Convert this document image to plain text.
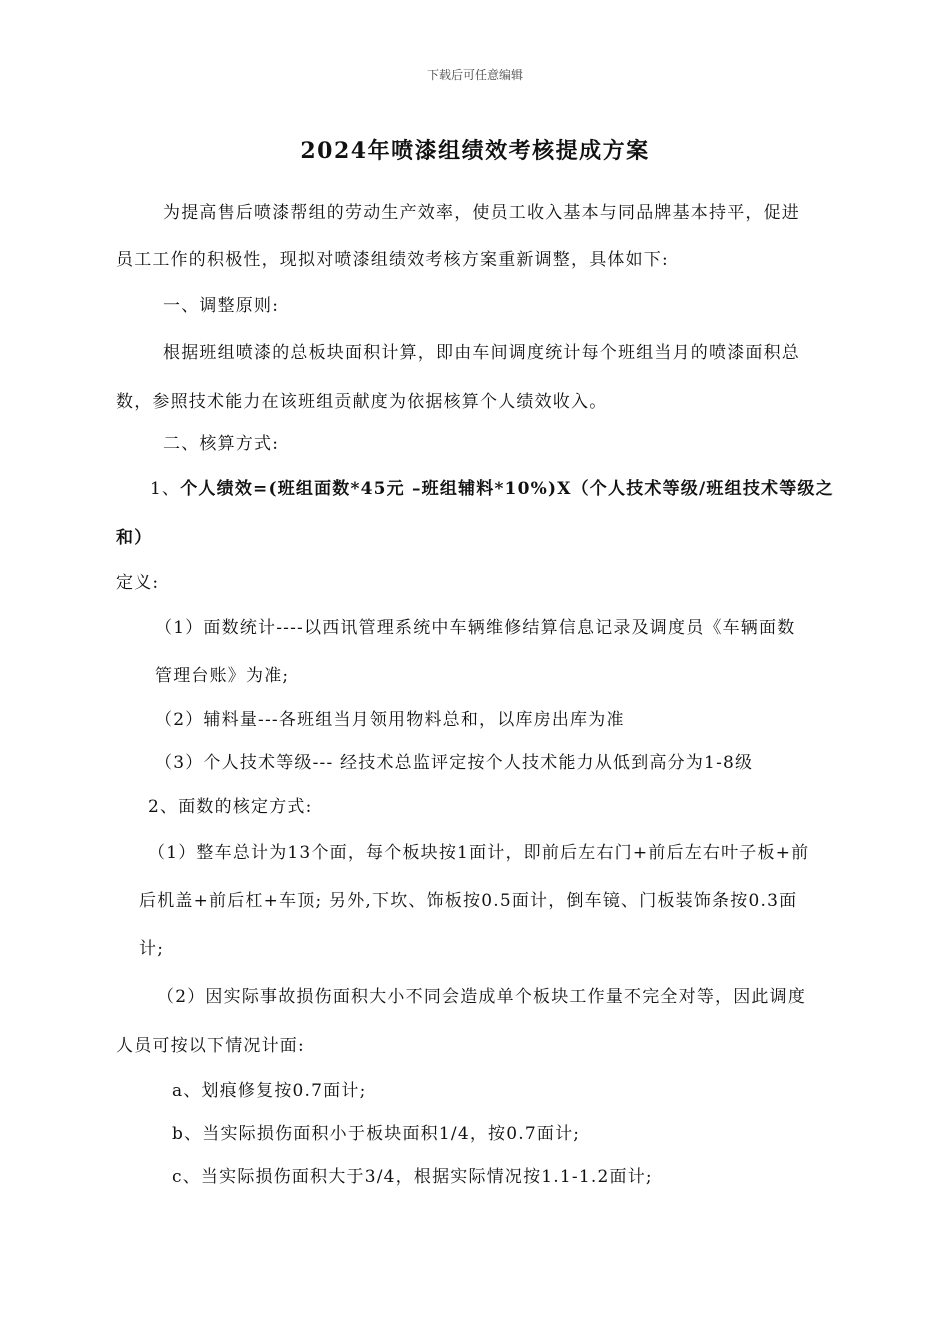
下载后可任意编辑
2024年喷漆组绩效考核提成方案
为提高售后喷漆帮组的劳动生产效率，使员工收入基本与同品牌基本持平，促进
员工工作的积极性，现拟对喷漆组绩效考核方案重新调整，具体如下:
一、调整原则:
根据班组喷漆的总板块面积计算，即由车间调度统计每个班组当月的喷漆面积总
数，参照技术能力在该班组贡献度为依据核算个人绩效收入。
二、核算方式:
1、个人绩效=(班组面数*45元 –班组辅料*10%)X（个人技术等级/班组技术等级之
和）
定义:
（1）面数统计----以西讯管理系统中车辆维修结算信息记录及调度员《车辆面数
管理台账》为准;
（2）辅料量---各班组当月领用物料总和，以库房出库为准
（3）个人技术等级--- 经技术总监评定按个人技术能力从低到高分为1-8级
2、面数的核定方式:
（1）整车总计为13个面，每个板块按1面计，即前后左右门+前后左右叶子板+前
后机盖+前后杠+车顶; 另外,下坎、饰板按0.5面计，倒车镜、门板装饰条按0.3面
计;
（2）因实际事故损伤面积大小不同会造成单个板块工作量不完全对等，因此调度
人员可按以下情况计面:
a、划痕修复按0.7面计;
b、当实际损伤面积小于板块面积1/4，按0.7面计;
c、当实际损伤面积大于3/4，根据实际情况按1.1-1.2面计;
